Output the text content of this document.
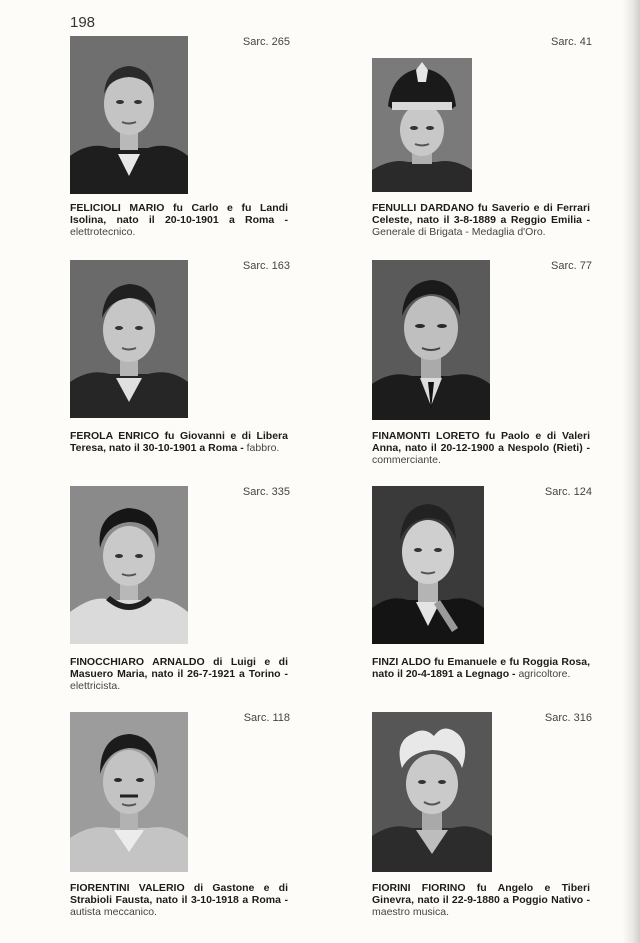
198
Sarc. 265
FELICIOLI MARIO fu Carlo e fu Landi Isolina, nato il 20-10-1901 a Roma - elettrotecnico.
Sarc. 41
FENULLI DARDANO fu Saverio e di Ferrari Celeste, nato il 3-8-1889 a Reggio Emilia - Generale di Brigata - Medaglia d'Oro.
Sarc. 163
FEROLA ENRICO fu Giovanni e di Libera Teresa, nato il 30-10-1901 a Roma - fabbro.
Sarc. 77
FINAMONTI LORETO fu Paolo e di Valeri Anna, nato il 20-12-1900 a Nespolo (Rieti) - commerciante.
Sarc. 335
FINOCCHIARO ARNALDO di Luigi e di Masuero Maria, nato il 26-7-1921 a Torino - elettricista.
Sarc. 124
FINZI ALDO fu Emanuele e fu Roggia Rosa, nato il 20-4-1891 a Legnago - agricoltore.
Sarc. 118
FIORENTINI VALERIO di Gastone e di Strabioli Fausta, nato il 3-10-1918 a Roma - autista meccanico.
Sarc. 316
FIORINI FIORINO fu Angelo e Tiberi Ginevra, nato il 22-9-1880 a Poggio Nativo - maestro musica.
